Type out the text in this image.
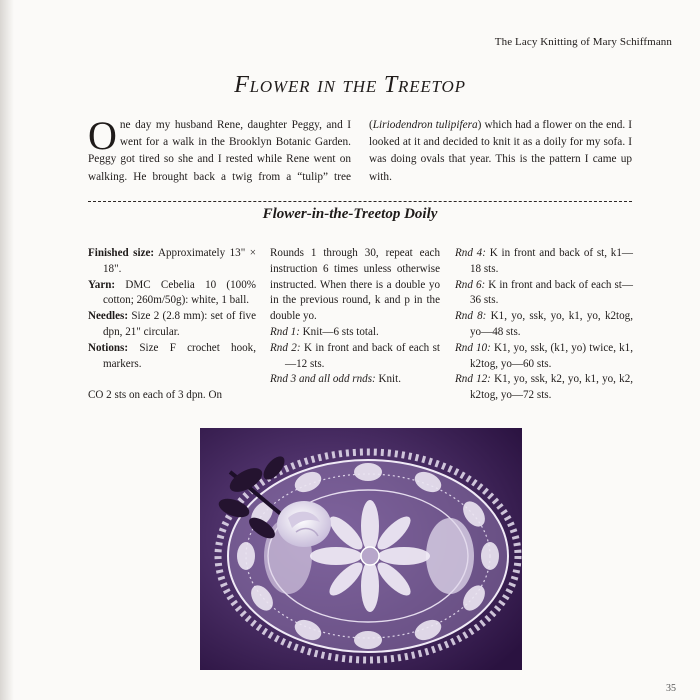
The Lacy Knitting of Mary Schiffmann
Flower in the Treetop
One day my husband Rene, daughter Peggy, and I went for a walk in the Brooklyn Botanic Garden. Peggy got tired so she and I rested while Rene went on walking. He brought back a twig from a “tulip” tree (Liriodendron tulipifera) which had a flower on the end. I looked at it and decided to knit it as a doily for my sofa. I was doing ovals that year. This is the pattern I came up with.
Flower-in-the-Treetop Doily

Finished size: Approximately 13" × 18".

Yarn: DMC Cebelia 10 (100% cotton; 260m/50g): white, 1 ball.

Needles: Size 2 (2.8 mm): set of five dpn, 21" circular.

Notions: Size F crochet hook, markers.

CO 2 sts on each of 3 dpn. On

Rounds 1 through 30, repeat each instruction 6 times unless otherwise instructed. When there is a double yo in the previous round, k and p in the double yo.

Rnd 1: Knit—6 sts total.

Rnd 2: K in front and back of each st—12 sts.

Rnd 3 and all odd rnds: Knit.

Rnd 4: K in front and back of st, k1—18 sts.

Rnd 6: K in front and back of each st—36 sts.

Rnd 8: K1, yo, ssk, yo, k1, yo, k2tog, yo—48 sts.

Rnd 10: K1, yo, ssk, (k1, yo) twice, k1, k2tog, yo—60 sts.

Rnd 12: K1, yo, ssk, k2, yo, k1, yo, k2, k2tog, yo—72 sts.

35
